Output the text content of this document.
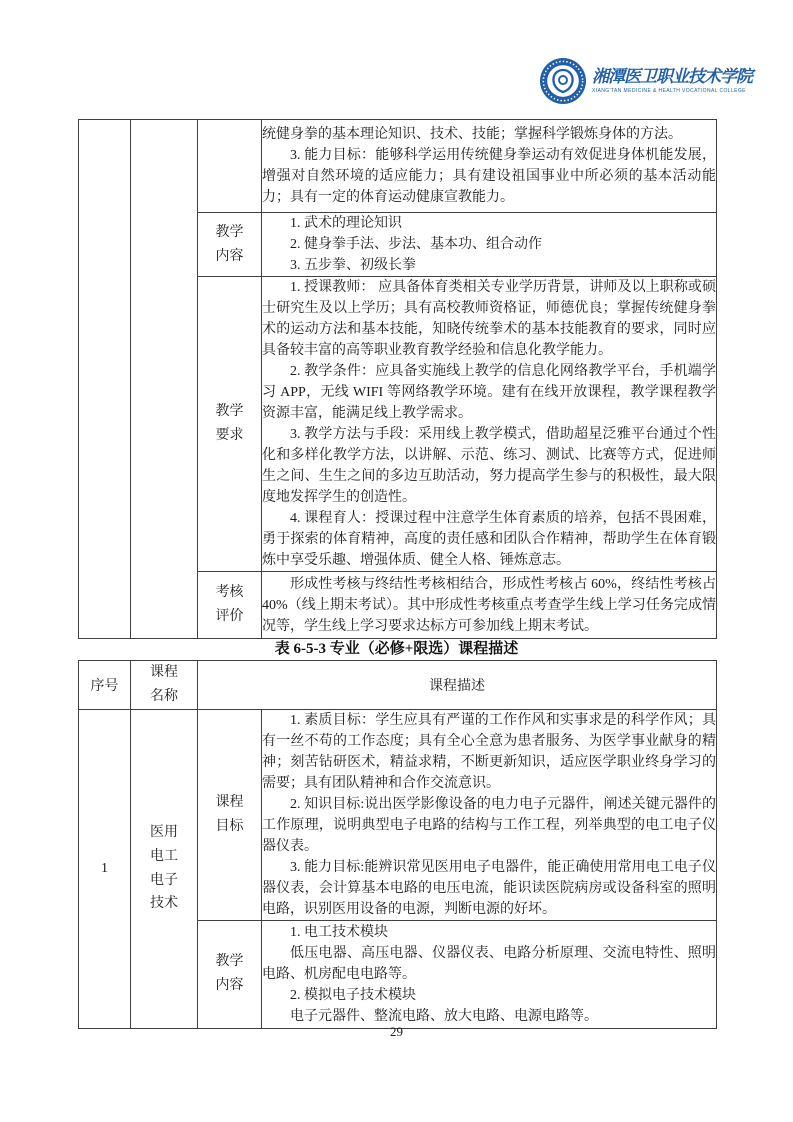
湘潭医卫职业技术学院
XIANG'TAN MEDICINE & HEALTH VOCATIONAL COLLEGE

			统健身拳的基本理论知识、技术、技能；掌握科学锻炼身体的方法。

3. 能力目标：能够科学运用传统健身拳运动有效促进身体机能发展，增强对自然环境的适应能力；具有建设祖国事业中所必须的基本活动能力；具有一定的体育运动健康宣教能力。

		教学内容	1. 武术的理论知识

2. 健身拳手法、步法、基本功、组合动作

3. 五步拳、初级长拳

		教学要求	1. 授课教师： 应具备体育类相关专业学历背景，讲师及以上职称或硕士研究生及以上学历；具有高校教师资格证，师德优良；掌握传统健身拳术的运动方法和基本技能，知晓传统拳术的基本技能教育的要求，同时应具备较丰富的高等职业教育教学经验和信息化教学能力。

2. 教学条件：应具备实施线上教学的信息化网络教学平台，手机端学习 APP，无线 WIFI 等网络教学环境。建有在线开放课程，教学课程教学资源丰富，能满足线上教学需求。

3. 教学方法与手段：采用线上教学模式，借助超星泛雅平台通过个性化和多样化教学方法，以讲解、示范、练习、测试、比赛等方式，促进师生之间、生生之间的多边互助活动，努力提高学生参与的积极性，最大限度地发挥学生的创造性。

4. 课程育人：授课过程中注意学生体育素质的培养，包括不畏困难，勇于探索的体育精神，高度的责任感和团队合作精神，帮助学生在体育锻炼中享受乐趣、增强体质、健全人格、锤炼意志。

		考核评价	形成性考核与终结性考核相结合，形成性考核占 60%，终结性考核占 40%（线上期末考试）。其中形成性考核重点考查学生线上学习任务完成情况等，学生线上学习要求达标方可参加线上期末考试。

表 6-5-3 专业（必修+限选）课程描述
序号	课程名称	课程描述	
1	医用电工电子技术	课程目标	1. 素质目标：学生应具有严谨的工作作风和实事求是的科学作风；具有一丝不苟的工作态度；具有全心全意为患者服务、为医学事业献身的精神；刻苦钻研医术，精益求精，不断更新知识，适应医学职业终身学习的需要；具有团队精神和合作交流意识。

2. 知识目标:说出医学影像设备的电力电子元器件，阐述关键元器件的工作原理，说明典型电子电路的结构与工作工程，列举典型的电工电子仪器仪表。

3. 能力目标:能辨识常见医用电子电器件，能正确使用常用电工电子仪器仪表，会计算基本电路的电压电流，能识读医院病房或设备科室的照明电路，识别医用设备的电源，判断电源的好坏。

		教学内容	1. 电工技术模块

低压电器、高压电器、仪器仪表、电路分析原理、交流电特性、照明电路、机房配电电路等。

2. 模拟电子技术模块

电子元器件、整流电路、放大电路、电源电路等。

29
